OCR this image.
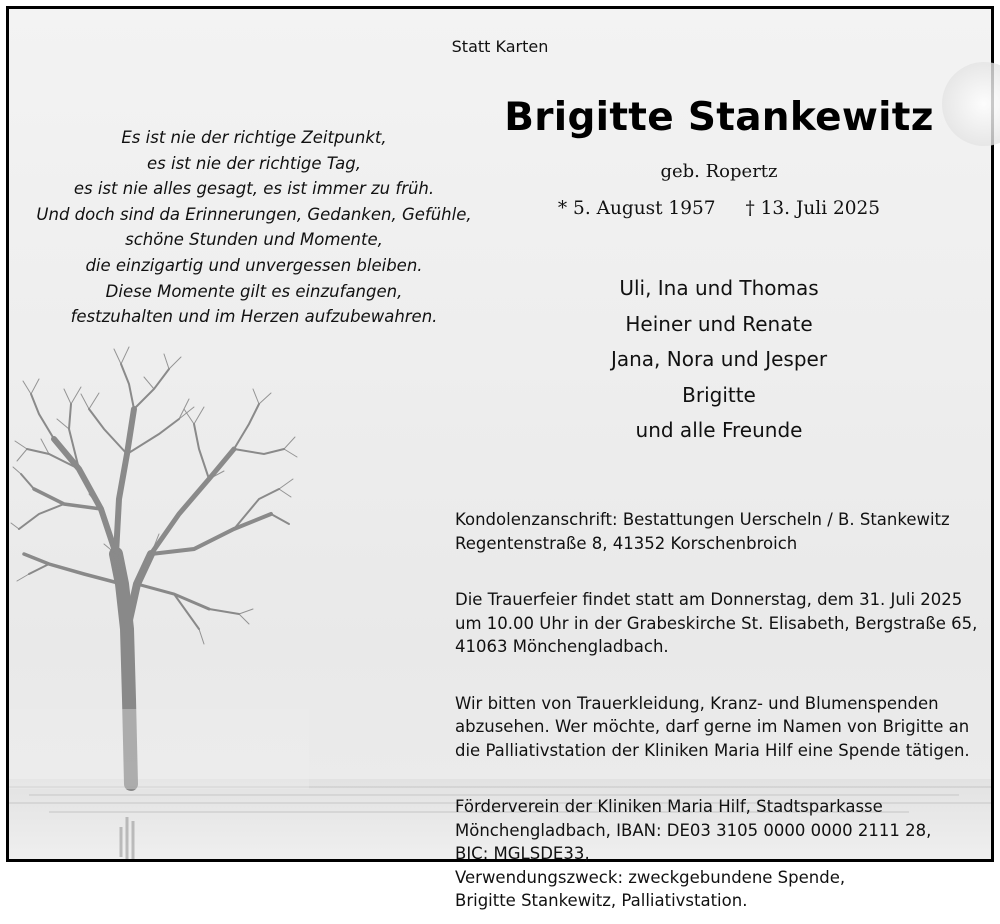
Statt Karten
Es ist nie der richtige Zeitpunkt,
es ist nie der richtige Tag,
es ist nie alles gesagt, es ist immer zu früh.
Und doch sind da Erinnerungen, Gedanken, Gefühle,
schöne Stunden und Momente,
die einzigartig und unvergessen bleiben.
Diese Momente gilt es einzufangen,
festzuhalten und im Herzen aufzubewahren.
Brigitte Stankewitz
geb. Ropertz
* 5. August 1957 † 13. Juli 2025
Uli, Ina und Thomas
Heiner und Renate
Jana, Nora und Jesper
Brigitte
und alle Freunde

Kondolenzanschrift: Bestattungen Uerscheln / B. Stankewitz
Regentenstraße 8, 41352 Korschenbroich

Die Trauerfeier findet statt am Donnerstag, dem 31. Juli 2025
um 10.00 Uhr in der Grabeskirche St. Elisabeth, Bergstraße 65,
41063 Mönchengladbach.

Wir bitten von Trauerkleidung, Kranz- und Blumenspenden
abzusehen. Wer möchte, darf gerne im Namen von Brigitte an
die Palliativstation der Kliniken Maria Hilf eine Spende tätigen.

Förderverein der Kliniken Maria Hilf, Stadtsparkasse
Mönchengladbach, IBAN: DE03 3105 0000 0000 2111 28,
BIC: MGLSDE33,
Verwendungszweck: zweckgebundene Spende,
Brigitte Stankewitz, Palliativstation.
